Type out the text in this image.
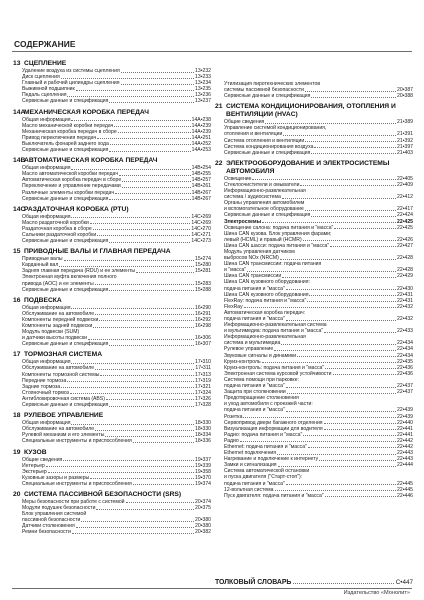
СОДЕРЖАНИЕ
13 СЦЕПЛЕНИЕ
Удаление воздуха из системы сцепления	13•232
Диск сцепления	13•233
Главный и рабочий цилиндры сцепления	13•234
Выжимной подшипник	13•235
Педаль сцепления	13•236
Сервисные данные и спецификация	13•237
14A
МЕХАНИЧЕСКАЯ КОРОБКА ПЕРЕДАЧ
Общая информация	14A•238
Масло механической коробки передач	14A•239
Механическая коробка передач в сборе	14A•239
Привод переключения передач	14A•251
Выключатель фонарей заднего хода	14A•252
Сервисные данные и спецификация	14A•253
14B
АВТОМАТИЧЕСКАЯ КОРОБКА ПЕРЕДАЧ
Общая информация	14B•254
Масло автоматической коробки передач	14B•255
Автоматическая коробка передач в сборе	14B•257
Переключение и управление передачами	14B•261
Различные элементы коробки передач	14B•267
Сервисные данные и спецификация	14B•267
14C
РАЗДАТОЧНАЯ КОРОБКА (PTU)
Общая информация	14C•269
Масло раздаточной коробки	14C•269
Раздаточная коробка в сборе	14C•270
Сальники раздаточной коробки	14C•271
Сервисные данные и спецификация	14C•273
15 ПРИВОДНЫЕ ВАЛЫ И ГЛАВНАЯ ПЕРЕДАЧА
Приводные валы	15•274
Карданный вал	15•280
Задняя главная передача (RDU) и ее элементы	15•281
Электронная муфта включения полного
привода (AOC) и ее элементы	15•283
Сервисные данные и спецификация	15•288
16 ПОДВЕСКА
Общая информация	16•290
Обслуживание на автомобиле	16•291
Компоненты передней подвески	16•292
Компоненты задней подвески	16•298
Модуль подвески (SUM)
и датчики высоты подвески	16•306
Сервисные данные и спецификация	16•307
17 ТОРМОЗНАЯ СИСТЕМА
Общая информация	17•310
Обслуживание на автомобиле	17•311
Компоненты тормозной системы	17•313
Передние тормоза	17•319
Задние тормоза	17•321
Стояночный тормоз	17•324
Антиблокировочная система (ABS)	17•326
Сервисные данные и спецификация	17•328
18 РУЛЕВОЕ УПРАВЛЕНИЕ
Общая информация	18•330
Обслуживание на автомобиле	18•330
Рулевой механизм и его элементы	18•334
Специальные инструменты и приспособления	18•336
19 КУЗОВ
Общие сведения	19•337
Интерьер	19•339
Экстерьер	19•358
Кузовные зазоры и размеры	19•370
Специальные инструменты и приспособления	19•374
20 СИСТЕМА ПАССИВНОЙ БЕЗОПАСНОСТИ (SRS)
Меры безопасности при работе с системой	20•374
Модули подушек безопасности	20•375
Блок управления системой
пассивной безопасности	20•380
Датчики столкновения	20•380
Ремни безопасности	20•382
Утилизация пиротехнических элементов
системы пассивной безопасности	20•387
Сервисные данные и спецификация	20•388
21 СИСТЕМА КОНДИЦИОНИРОВАНИЯ, ОТОПЛЕНИЯ И ВЕНТИЛЯЦИИ (HVAC)
Общие сведения	21•389
Управление системой кондиционирования,
отопления и вентиляции	21•391
Система отопления и вентиляции	21•392
Система кондиционирования воздуха	21•397
Сервисные данные и спецификация	21•403
22 ЭЛЕКТРООБОРУДОВАНИЕ И ЭЛЕКТРОСИСТЕМЫ АВТОМОБИЛЯ
Освещение	22•405
Стеклоочистители и омыватели	22•409
Информационно-развлекательная
система / аудиосистема	22•412
Органы управления автомобилем
и вспомогательное оборудование	22•417
Сервисные данные и спецификация	22•424
Электросхемы	22•425
Освещение салона: подача питания и "масса"	22•425
Шина CAN кузова. Блок управления фарами;
левый (HCML) и правый (HCMR)	22•426
Шина CAN шасси: подача питания и "масса"	22•427
Модуль управления датчиком
выбросов NOx (NRCM)	22•428
Шина CAN трансмиссии: подача питания
и "масса"	22•428
Шина CAN трансмиссии	22•429
Шина CAN кузовного оборудования:
подача питания и "масса"	22•430
Шина CAN кузовного оборудования	22•431
FlexRay: подача питания и "масса"	22•431
FlexRay	22•432
Автоматическая коробка передач:
подача питания и "масса"	22•432
Информационно-развлекательная система
и мультимедиа: подача питания и "масса"	22•433
Информационно-развлекательная
система и мультимедиа	22•434
Рулевое управление	22•434
Звуковые сигналы и динамики	22•434
Круиз-контроль	22•435
Круиз-контроль: подача питания и "масса"	22•436
Электронная система курсовой устойчивости	22•436
Система помощи при парковке:
подача питания и "масса"	22•437
Защита при столкновении	22•437
Предотвращение столкновения
и уход автомобиля с проезжей части:
подача питания и "масса"	22•439
Розетка	22•439
Сервопривод двери багажного отделения	22•440
Визуализация информации для водителя	22•441
Радио: подача питания и "масса"	22•441
Радио	22•442
Ethernet: подача питания и "масса"	22•442
Ethernet подключения	22•443
Нагревание и подключение к интернету	22•443
Замки и сигнализация	22•444
Система автоматической остановки
и пуска двигателя ("Старт-стоп"):
подача питания и "масса"	22•445
12-вольтная система	22•445
Пуск двигателя: подача питания и "масса"	22•446
ТОЛКОВЫЙ СЛОВАРЬ	С•447
Издательство «Монолит»
